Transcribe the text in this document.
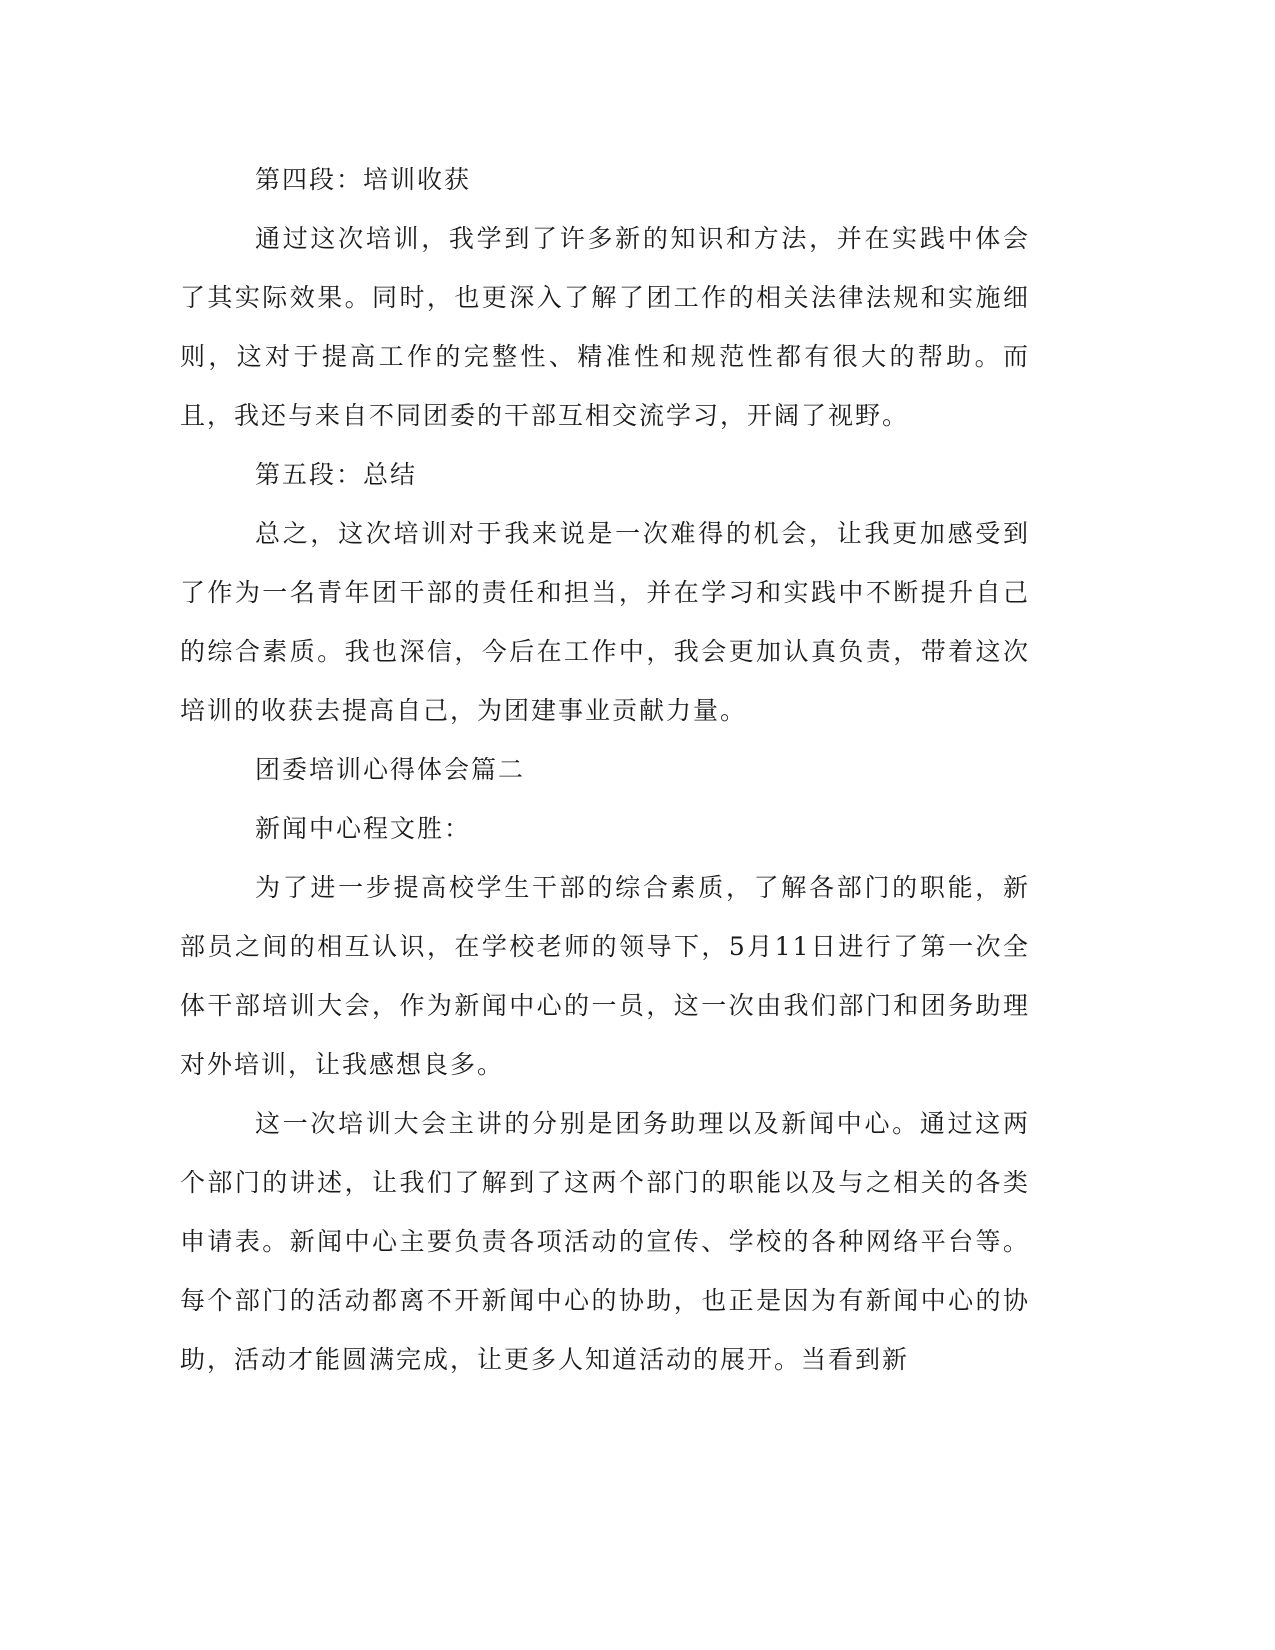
第四段：培训收获

通过这次培训，我学到了许多新的知识和方法，并在实践中体会了其实际效果。同时，也更深入了解了团工作的相关法律法规和实施细则，这对于提高工作的完整性、精准性和规范性都有很大的帮助。而且，我还与来自不同团委的干部互相交流学习，开阔了视野。

第五段：总结

总之，这次培训对于我来说是一次难得的机会，让我更加感受到了作为一名青年团干部的责任和担当，并在学习和实践中不断提升自己的综合素质。我也深信，今后在工作中，我会更加认真负责，带着这次培训的收获去提高自己，为团建事业贡献力量。

团委培训心得体会篇二

新闻中心程文胜：

为了进一步提高校学生干部的综合素质，了解各部门的职能，新部员之间的相互认识，在学校老师的领导下，5月11日进行了第一次全体干部培训大会，作为新闻中心的一员，这一次由我们部门和团务助理对外培训，让我感想良多。

这一次培训大会主讲的分别是团务助理以及新闻中心。通过这两个部门的讲述，让我们了解到了这两个部门的职能以及与之相关的各类申请表。新闻中心主要负责各项活动的宣传、学校的各种网络平台等。每个部门的活动都离不开新闻中心的协助，也正是因为有新闻中心的协助，活动才能圆满完成，让更多人知道活动的展开。当看到新
